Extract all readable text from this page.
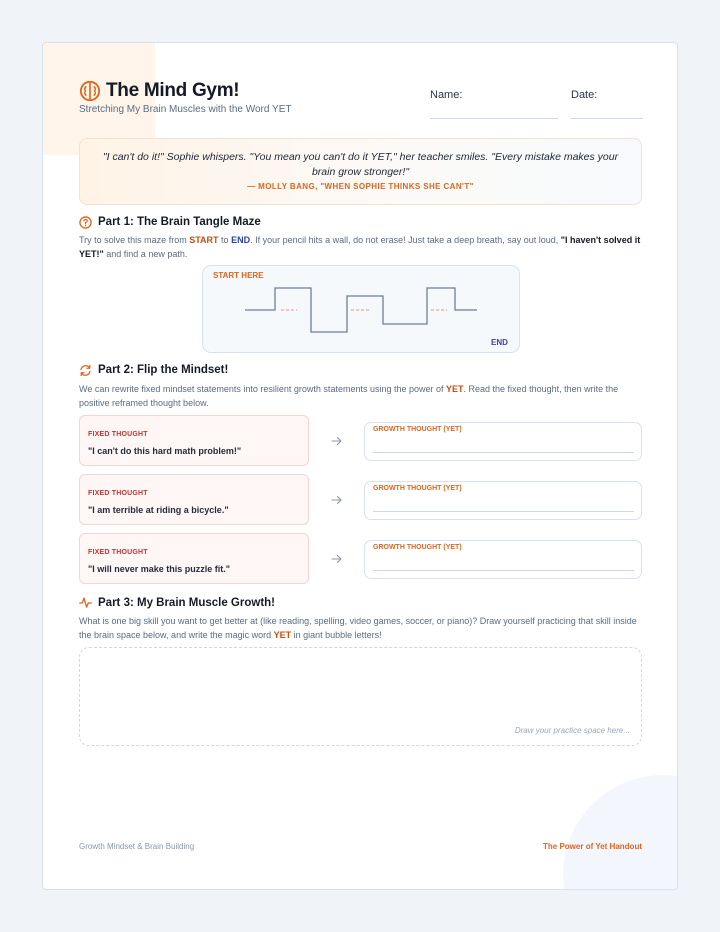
The Mind Gym!
Stretching My Brain Muscles with the Word YET
Name:	Date:
"I can't do it!" Sophie whispers. "You mean you can't do it YET," her teacher smiles. "Every mistake makes your brain grow stronger!"
— MOLLY BANG, "WHEN SOPHIE THINKS SHE CAN'T"
Part 1: The Brain Tangle Maze
Try to solve this maze from START to END. If your pencil hits a wall, do not erase! Just take a deep breath, say out loud, "I haven't solved it YET!" and find a new path.
START HERE
END
Part 2: Flip the Mindset!
We can rewrite fixed mindset statements into resilient growth statements using the power of YET. Read the fixed thought, then write the positive reframed thought below.
FIXED THOUGHT
"I can't do this hard math problem!"
GROWTH THOUGHT (YET)
FIXED THOUGHT
"I am terrible at riding a bicycle."
GROWTH THOUGHT (YET)
FIXED THOUGHT
"I will never make this puzzle fit."
GROWTH THOUGHT (YET)
Part 3: My Brain Muscle Growth!
What is one big skill you want to get better at (like reading, spelling, video games, soccer, or piano)? Draw yourself practicing that skill inside the brain space below, and write the magic word YET in giant bubble letters!
Draw your practice space here...
Growth Mindset & Brain Building	The Power of Yet Handout
